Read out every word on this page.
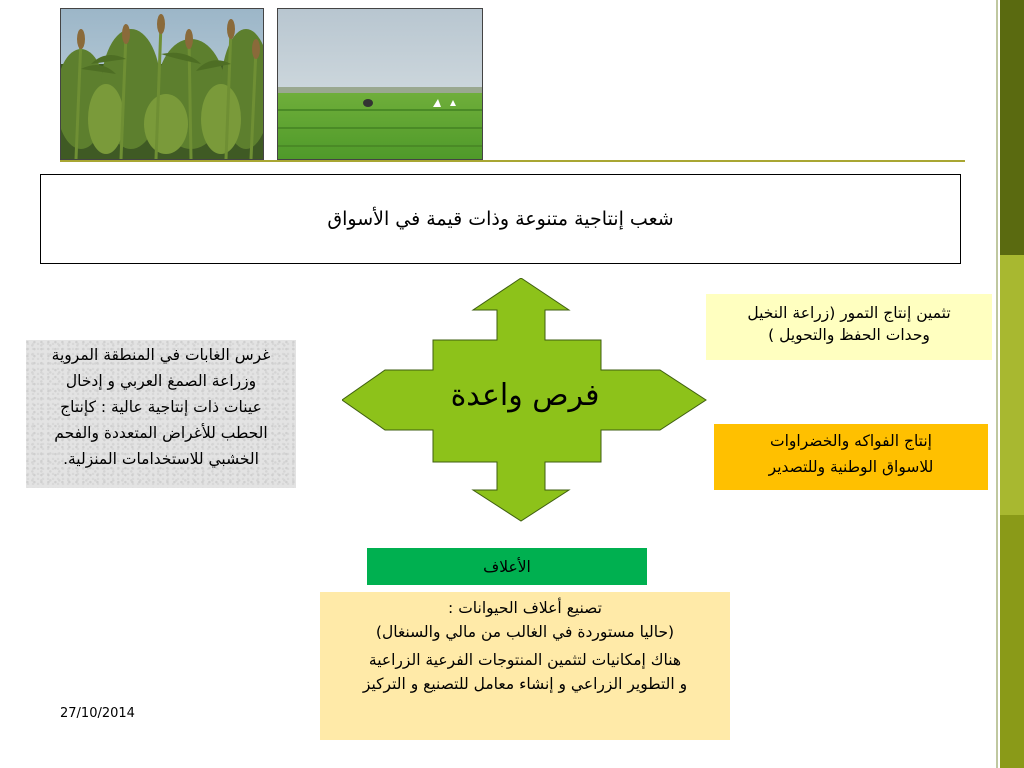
شعب إنتاجية متنوعة وذات قيمة في الأسواق
فرص واعدة

غرس الغابات في المنطقة المروية

وزراعة الصمغ العربي و إدخال

عينات ذات إنتاجية عالية : كإنتاج

الحطب للأغراض المتعددة والفحم

الخشبي للاستخدامات المنزلية.

تثمين إنتاج التمور (زراعة النخيل
وحدات الحفظ والتحويل )
إنتاج الفواكه والخضراوات
للاسواق الوطنية وللتصدير
الأعلاف

تصنيع أعلاف الحيوانات :

(حاليا مستوردة في الغالب من مالي والسنغال)

هناك إمكانيات لتثمين المنتوجات الفرعية الزراعية

و التطوير الزراعي و إنشاء معامل للتصنيع و التركيز

27/10/2014
